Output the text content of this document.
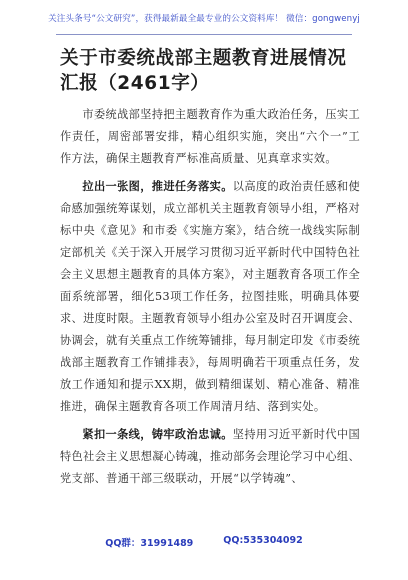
关注头条号“公文研究”，获得最新最全最专业的公文资料库！ 微信：gongwenyj
关于市委统战部主题教育进展情况汇报（2461字）

市委统战部坚持把主题教育作为重大政治任务，压实工作责任，周密部署安排，精心组织实施，突出“六个一”工作方法，确保主题教育严标准高质量、见真章求实效。

拉出一张图，推进任务落实。以高度的政治责任感和使命感加强统筹谋划，成立部机关主题教育领导小组，严格对标中央《意见》和市委《实施方案》，结合统一战线实际制定部机关《关于深入开展学习贯彻习近平新时代中国特色社会主义思想主题教育的具体方案》，对主题教育各项工作全面系统部署，细化53项工作任务，拉图挂账，明确具体要求、进度时限。主题教育领导小组办公室及时召开调度会、协调会，就有关重点工作统筹铺排，每月制定印发《市委统战部主题教育工作铺排表》，每周明确若干项重点任务，发放工作通知和提示XX期，做到精细谋划、精心准备、精准推进，确保主题教育各项工作周清月结、落到实处。

紧扣一条线，铸牢政治忠诚。坚持用习近平新时代中国特色社会主义思想凝心铸魂，推动部务会理论学习中心组、党支部、普通干部三级联动，开展“以学铸魂”、

QQ群：31991489	QQ:535304092
